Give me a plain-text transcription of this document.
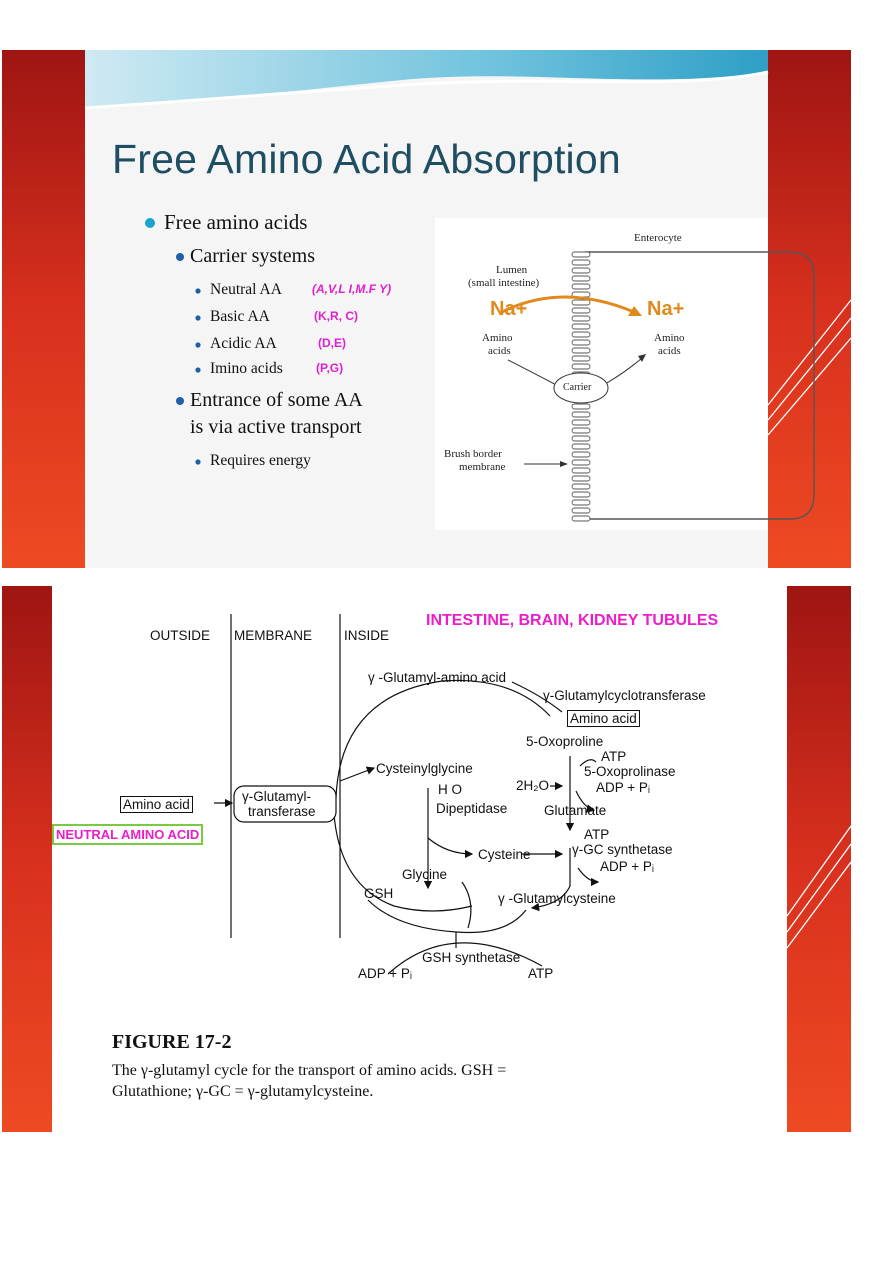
Free Amino Acid Absorption
Free amino acids
Carrier systems
Neutral AA	(A,V,L I,M.F Y)
Basic AA	(K,R, C)
Acidic AA	(D,E)
Imino acids	(P,G)
Entrance of some AA
is via active transport
Requires energy
Enterocyte
Lumen
(small intestine)
Na+	Na+
Amino
acids
Amino
acids
Carrier
Brush border
membrane
OUTSIDE MEMBRANE INSIDE
INTESTINE, BRAIN, KIDNEY TUBULES
Amino acid
NEUTRAL AMINO ACID
γ-Glutamyl-
transferase
γ -Glutamyl-amino acid
γ-Glutamylcyclotransferase
Amino acid
5-Oxoproline
ATP
5-Oxoprolinase
2H₂O	ADP + Pᵢ
Cysteinylglycine
H O
Dipeptidase	Glutamate
Cysteine
ATP
γ-GC synthetase
ADP + Pᵢ
Glycine
GSH	γ -Glutamylcysteine
GSH synthetase
ADP + Pᵢ	ATP
FIGURE 17-2
The γ-glutamyl cycle for the transport of amino acids. GSH =
Glutathione; γ-GC = γ-glutamylcysteine.
